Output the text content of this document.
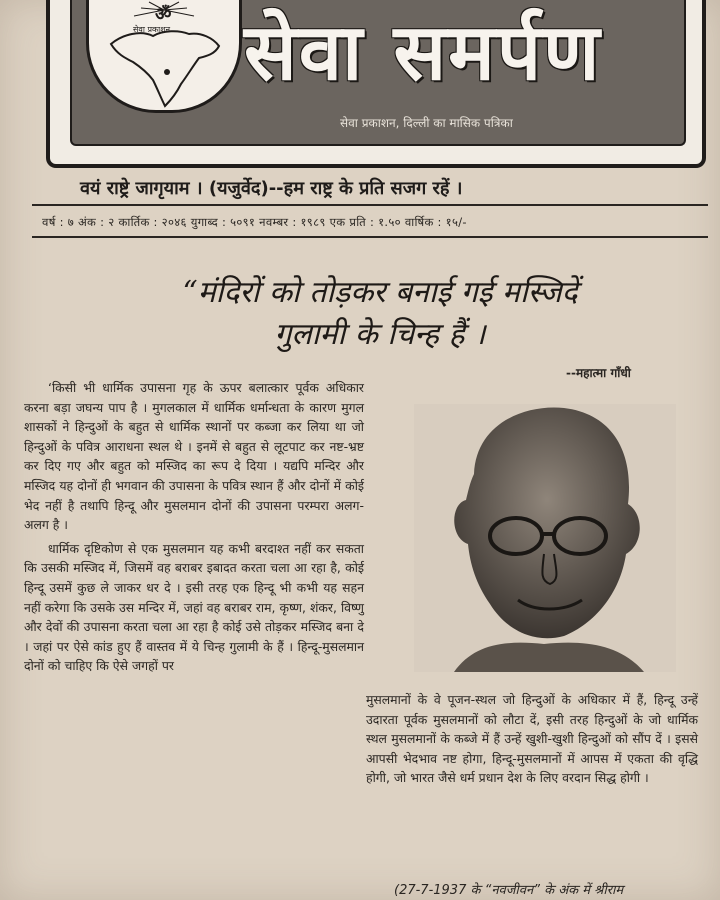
ॐ
सेवा प्रकाशन सेवा समर्पण
सेवा प्रकाशन, दिल्ली का मासिक पत्रिका
वयं राष्ट्रे जागृयाम । (यजुर्वेद)--हम राष्ट्र के प्रति सजग रहें ।
वर्ष : ७ अंक : २ कार्तिक : २०४६ युगाब्द : ५०९१ नवम्बर : १९८९ एक प्रति : १.५० वार्षिक : १५/-
“मंदिरों को तोड़कर बनाई गई मस्जिदें
गुलामी के चिन्ह हैं ।
--महात्मा गाँधी

‘किसी भी धार्मिक उपासना गृह के ऊपर बलात्कार पूर्वक अधिकार करना बड़ा जघन्य पाप है । मुगलकाल में धार्मिक धर्मान्धता के कारण मुगल शासकों ने हिन्दुओं के बहुत से धार्मिक स्थानों पर कब्जा कर लिया था जो हिन्दुओं के पवित्र आराधना स्थल थे । इनमें से बहुत से लूटपाट कर नष्ट-भ्रष्ट कर दिए गए और बहुत को मस्जिद का रूप दे दिया । यद्यपि मन्दिर और मस्जिद यह दोनों ही भगवान की उपासना के पवित्र स्थान हैं और दोनों में कोई भेद नहीं है तथापि हिन्दू और मुसलमान दोनों की उपासना परम्परा अलग-अलग है ।

धार्मिक दृष्टिकोण से एक मुसलमान यह कभी बरदाश्त नहीं कर सकता कि उसकी मस्जिद में, जिसमें वह बराबर इबादत करता चला आ रहा है, कोई हिन्दू उसमें कुछ ले जाकर धर दे । इसी तरह एक हिन्दू भी कभी यह सहन नहीं करेगा कि उसके उस मन्दिर में, जहां वह बराबर राम, कृष्ण, शंकर, विष्णु और देवों की उपासना करता चला आ रहा है कोई उसे तोड़कर मस्जिद बना दे । जहां पर ऐसे कांड हुए हैं वास्तव में ये चिन्ह गुलामी के हैं । हिन्दू-मुसलमान दोनों को चाहिए कि ऐसे जगहों पर

मुसलमानों के वे पूजन-स्थल जो हिन्दुओं के अधिकार में हैं, हिन्दू उन्हें उदारता पूर्वक मुसलमानों को लौटा दें, इसी तरह हिन्दुओं के जो धार्मिक स्थल मुसलमानों के कब्जे में हैं उन्हें खुशी-खुशी हिन्दुओं को सौंप दें । इससे आपसी भेदभाव नष्ट होगा, हिन्दू-मुसलमानों में आपस में एकता की वृद्धि होगी, जो भारत जैसे धर्म प्रधान देश के लिए वरदान सिद्ध होगी ।

(27-7-1937 के “नवजीवन” के अंक में श्रीराम
